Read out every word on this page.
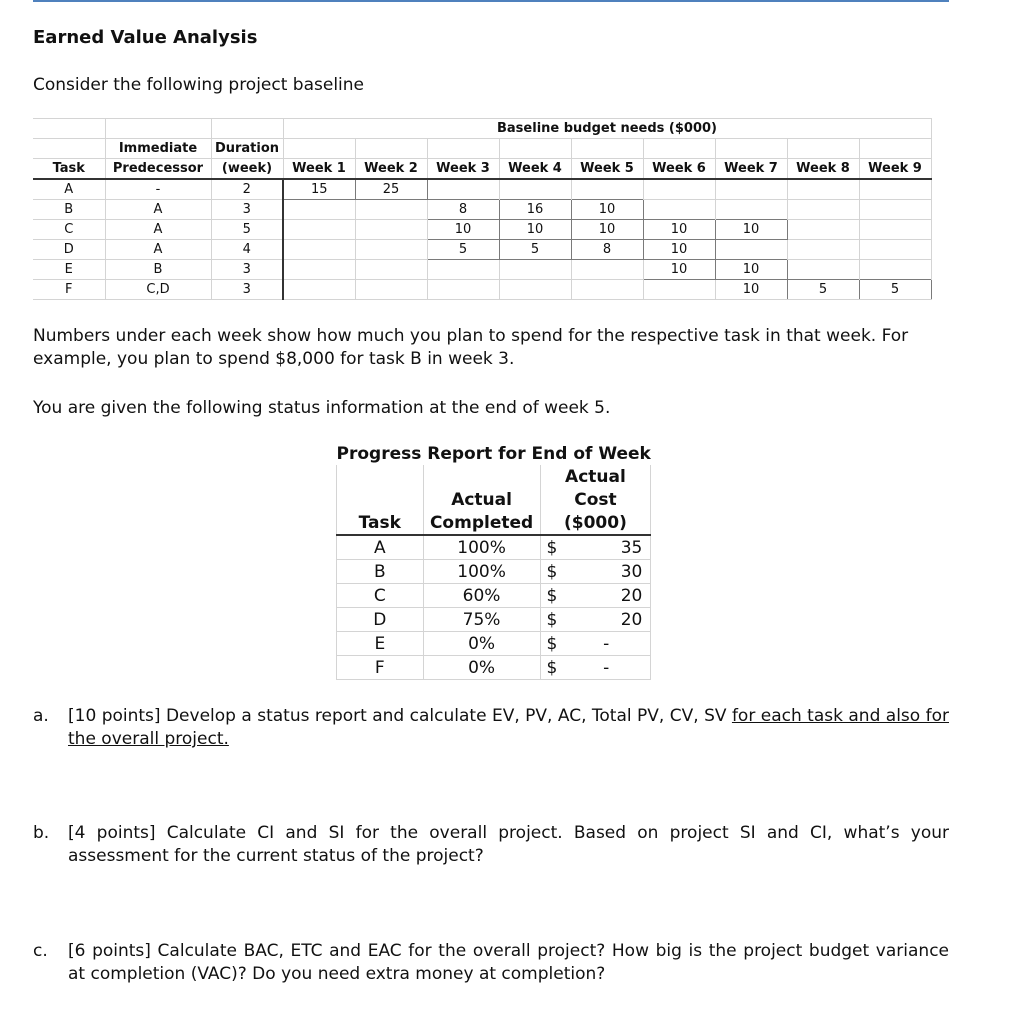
Earned Value Analysis
Consider the following project baseline
			Baseline budget needs ($000)								
	Immediate	Duration									
Task	Predecessor	(week)	Week 1	Week 2	Week 3	Week 4	Week 5	Week 6	Week 7	Week 8	Week 9
A	-	2	15	25							
B	A	3			8	16	10				
C	A	5			10	10	10	10	10		
D	A	4			5	5	8	10			
E	B	3						10	10		
F	C,D	3							10	5	5
Numbers under each week show how much you plan to spend for the respective task in that week. For example, you plan to spend $8,000 for task B in week 3.
You are given the following status information at the end of week 5.
Progress Report for End of Week			
		Actual	
	Actual	Cost	
Task	Completed	($000)	
A	100%	$	35
B	100%	$	30
C	60%	$	20
D	75%	$	20
E	0%	$	-
F	0%	$	-
a. [10 points] Develop a status report and calculate EV, PV, AC, Total PV, CV, SV for each task and also for the overall project.
b. [4 points] Calculate CI and SI for the overall project. Based on project SI and CI, what’s your assessment for the current status of the project?
c. [6 points] Calculate BAC, ETC and EAC for the overall project? How big is the project budget variance at completion (VAC)? Do you need extra money at completion?
